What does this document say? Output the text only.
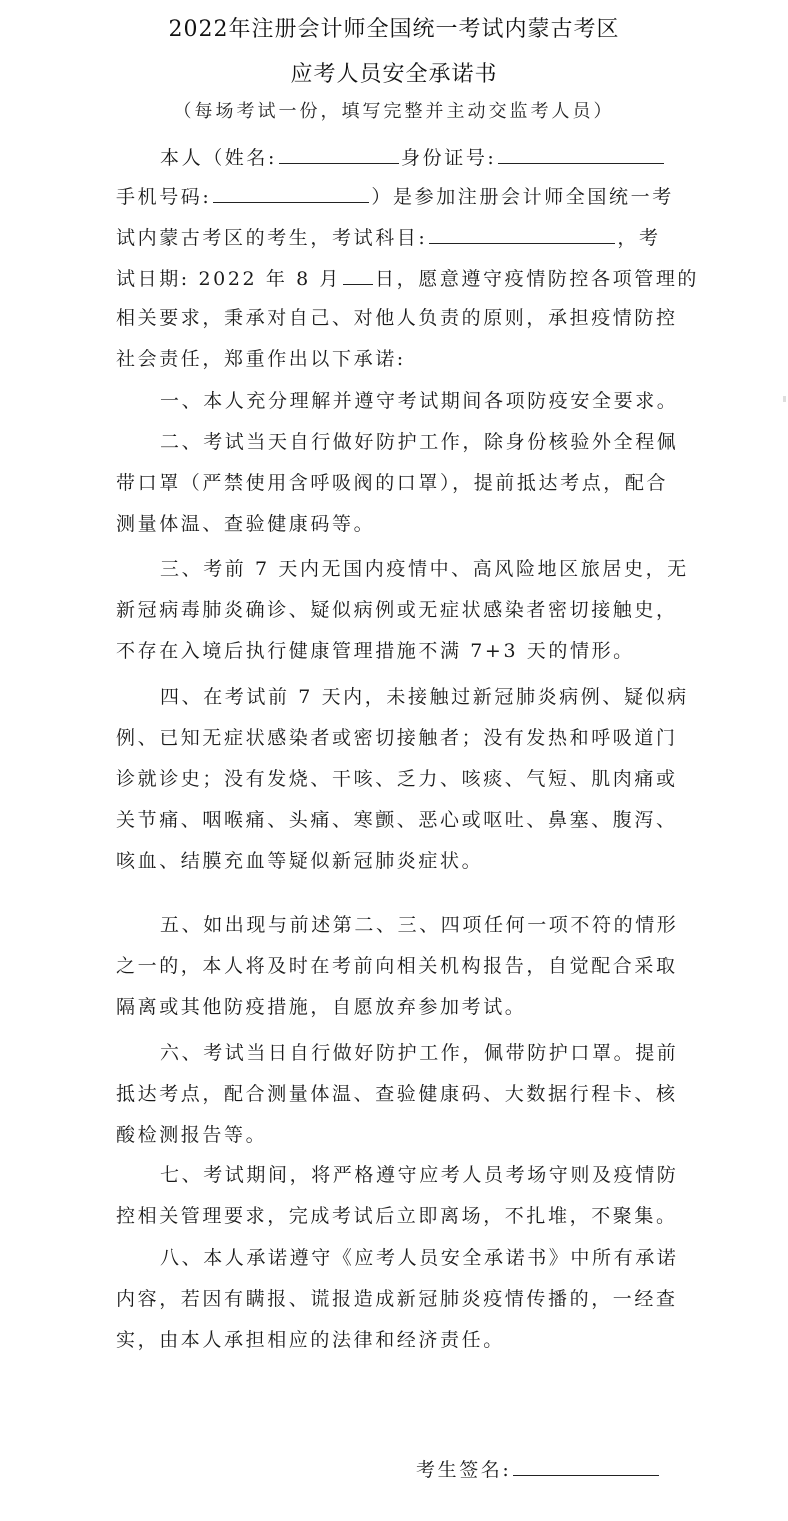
2022年注册会计师全国统一考试内蒙古考区
应考人员安全承诺书
（每场考试一份，填写完整并主动交监考人员）
本人（姓名:	身份证号:
手机号码:	）是参加注册会计师全国统一考
试内蒙古考区的考生，考试科目:	，考
试日期: 2022 年 8 月 日，愿意遵守疫情防控各项管理的
相关要求，秉承对自己、对他人负责的原则，承担疫情防控
社会责任，郑重作出以下承诺:
一、本人充分理解并遵守考试期间各项防疫安全要求。
二、考试当天自行做好防护工作，除身份核验外全程佩
带口罩（严禁使用含呼吸阀的口罩），提前抵达考点，配合
测量体温、查验健康码等。
三、考前 7 天内无国内疫情中、高风险地区旅居史，无
新冠病毒肺炎确诊、疑似病例或无症状感染者密切接触史，
不存在入境后执行健康管理措施不满 7+3 天的情形。
四、在考试前 7 天内，未接触过新冠肺炎病例、疑似病
例、已知无症状感染者或密切接触者；没有发热和呼吸道门
诊就诊史；没有发烧、干咳、乏力、咳痰、气短、肌肉痛或
关节痛、咽喉痛、头痛、寒颤、恶心或呕吐、鼻塞、腹泻、
咳血、结膜充血等疑似新冠肺炎症状。
五、如出现与前述第二、三、四项任何一项不符的情形
之一的，本人将及时在考前向相关机构报告，自觉配合采取
隔离或其他防疫措施，自愿放弃参加考试。
六、考试当日自行做好防护工作，佩带防护口罩。提前
抵达考点，配合测量体温、查验健康码、大数据行程卡、核
酸检测报告等。
七、考试期间，将严格遵守应考人员考场守则及疫情防
控相关管理要求，完成考试后立即离场，不扎堆，不聚集。
八、本人承诺遵守《应考人员安全承诺书》中所有承诺
内容，若因有瞒报、谎报造成新冠肺炎疫情传播的，一经查
实，由本人承担相应的法律和经济责任。
考生签名:
